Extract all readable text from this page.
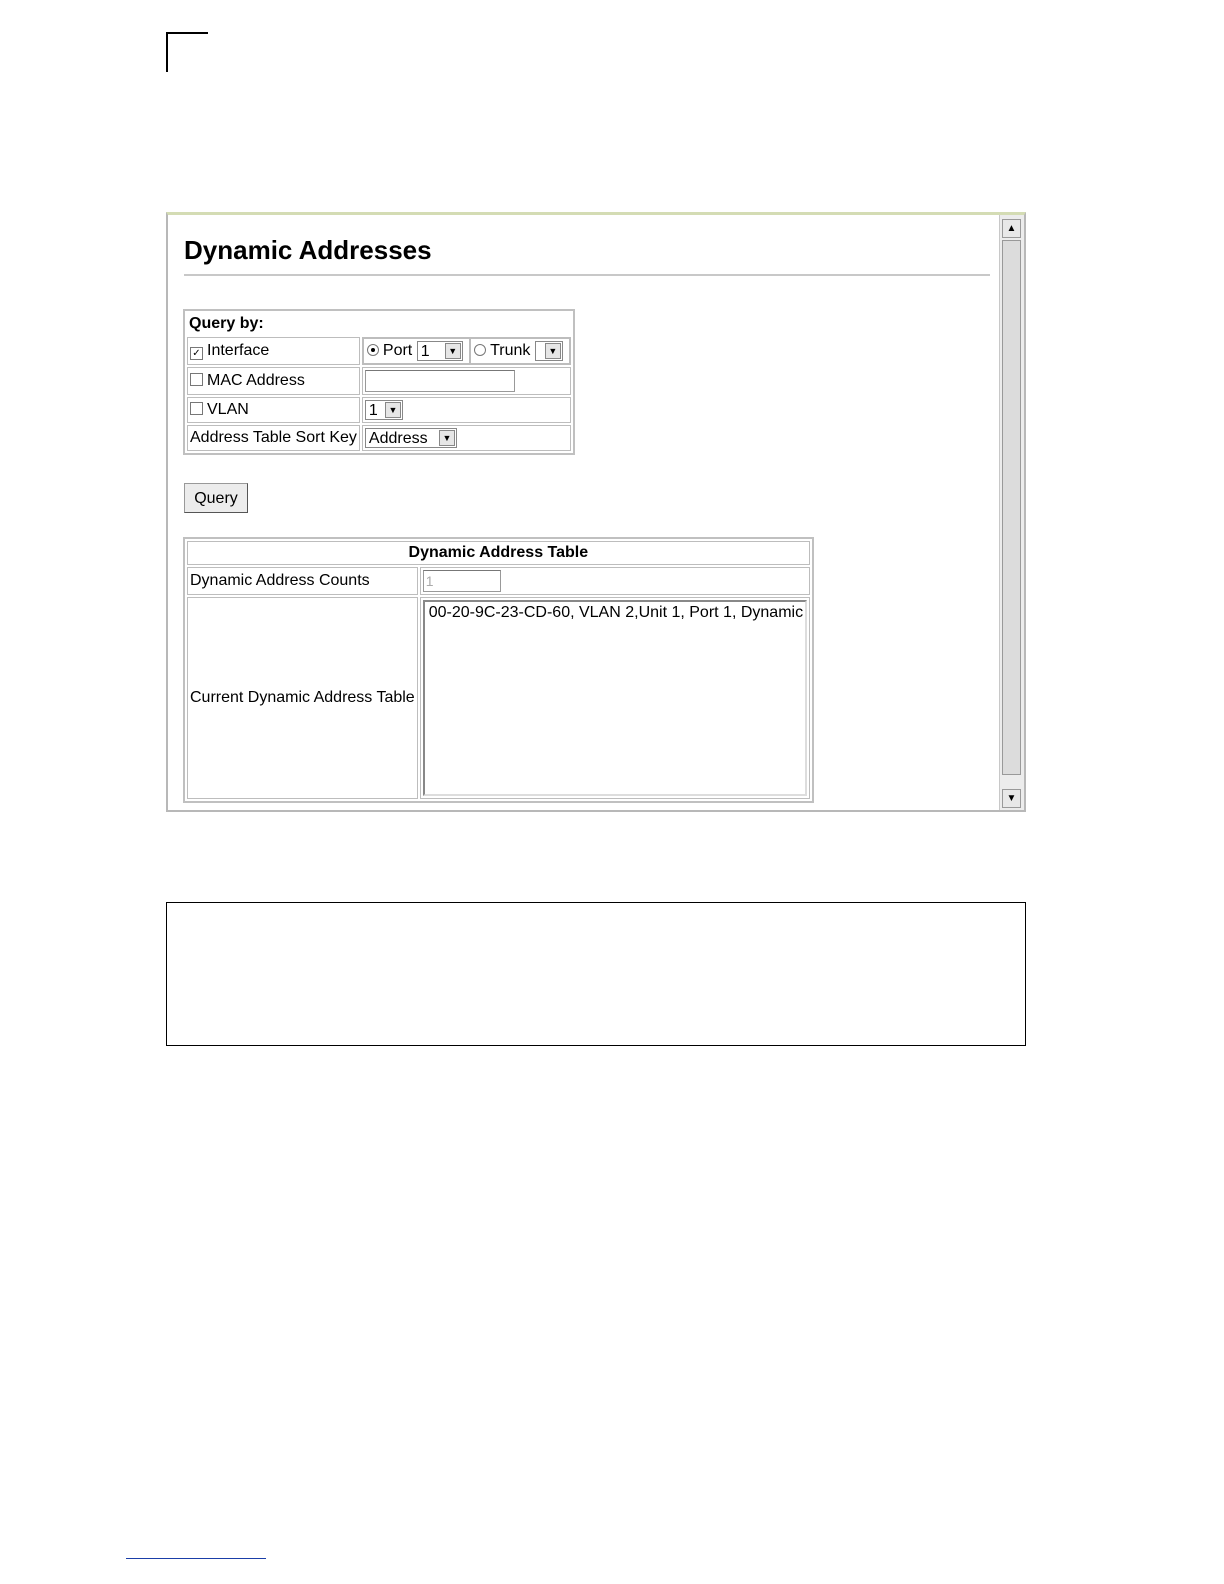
Dynamic Addresses
Query by:
✓ Interface		Port 1	▼	Trunk	▼

MAC Address	
VLAN	1	▼

Address Table Sort Key	Address	▼
Query
Dynamic Address Table	
Dynamic Address Counts	1
Current Dynamic Address Table	00-20-9C-23-CD-60, VLAN 2,Unit 1, Port 1, Dynamic
▲
▼
